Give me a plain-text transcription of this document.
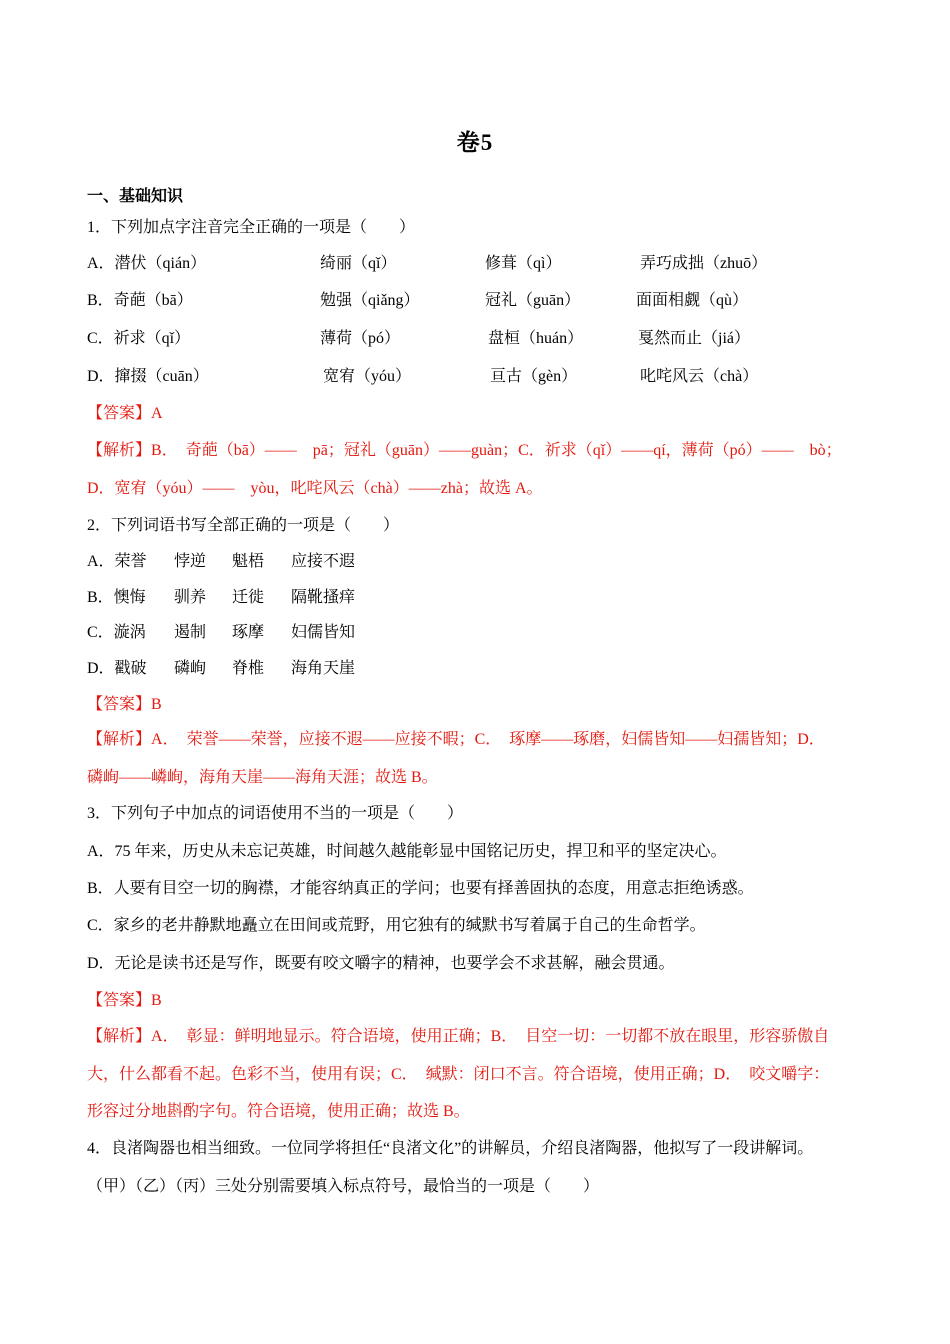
卷5
一、基础知识
1．下列加点字注音完全正确的一项是（　　）
A．潜伏（qián）	绮丽（qǐ）	修葺（qì）	弄巧成拙（zhuō）
B．奇葩（bā）	勉强（qiǎng）	冠礼（guān）	面面相觑（qù）
C．祈求（qǐ）	薄荷（pó）	盘桓（huán）	戛然而止（jiá）
D．撺掇（cuān）	宽宥（yóu）	亘古（gèn）	叱咤风云（chà）
【答案】A
【解析】B．　奇葩（bā）——　pā；冠礼（guān）——guàn；C．祈求（qǐ）——qí，薄荷（pó）——　bò；
D．宽宥（yóu）——　yòu，叱咤风云（chà）——zhà；故选 A。
2．下列词语书写全部正确的一项是（　　）
A．荣誉 悖逆 魁梧 应接不遐
B．懊悔 驯养 迁徙 隔靴搔痒
C．漩涡 遏制 琢摩 妇儒皆知
D．戳破 磷峋 脊椎 海角天崖
【答案】B
【解析】A．　荣誉——荣誉，应接不遐——应接不暇；C．　琢摩——琢磨，妇儒皆知——妇孺皆知；D．
磷峋——嶙峋，海角天崖——海角天涯；故选 B。
3．下列句子中加点的词语使用不当的一项是（　　）
A．75 年来，历史从未忘记英雄，时间越久越能彰显中国铭记历史，捍卫和平的坚定决心。
B．人要有目空一切的胸襟，才能容纳真正的学问；也要有择善固执的态度，用意志拒绝诱惑。
C．家乡的老井静默地矗立在田间或荒野，用它独有的缄默书写着属于自己的生命哲学。
D．无论是读书还是写作，既要有咬文嚼字的精神，也要学会不求甚解，融会贯通。
【答案】B
【解析】A．　彰显：鲜明地显示。符合语境，使用正确；B．　目空一切：一切都不放在眼里，形容骄傲自
大，什么都看不起。色彩不当，使用有误；C．　缄默：闭口不言。符合语境，使用正确；D．　咬文嚼字：
形容过分地斟酌字句。符合语境，使用正确；故选 B。
4．良渚陶器也相当细致。一位同学将担任“良渚文化”的讲解员，介绍良渚陶器，他拟写了一段讲解词。
（甲）（乙）（丙）三处分别需要填入标点符号，最恰当的一项是（　　）
